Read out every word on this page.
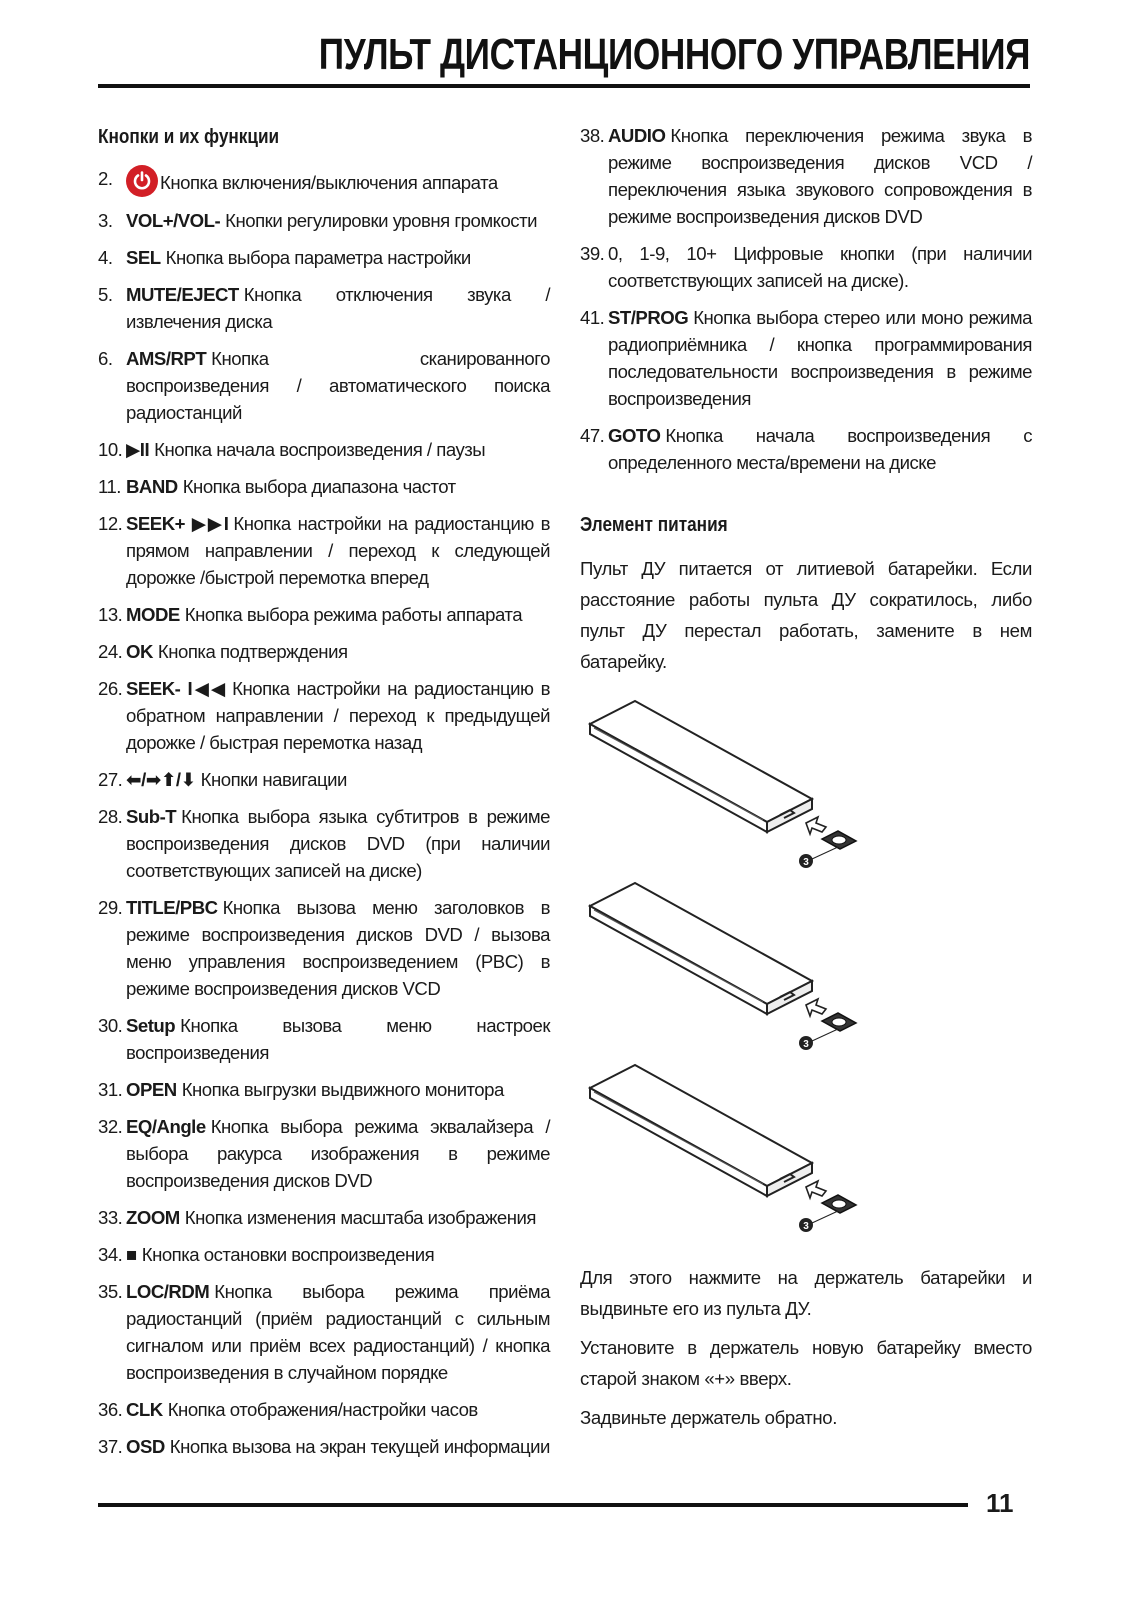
ПУЛЬТ ДИСТАНЦИОННОГО УПРАВЛЕНИЯ
Кнопки и их функции
2.	Кнопка включения/выключения аппарата
3. VOL+/VOL- Кнопки регулировки уровня громкости
4. SEL Кнопка выбора параметра настройки
5. MUTE/EJECT Кнопка отключения звука / извлечения диска
6. AMS/RPT Кнопка сканированного воспроизведения / автоматического поиска радиостанций
10. ▶II Кнопка начала воспроизведения / паузы
11. BAND Кнопка выбора диапазона частот
12. SEEK+ ▶▶I Кнопка настройки на радиостанцию в прямом направлении / переход к следующей дорожке /быстрой перемотка вперед
13. MODE Кнопка выбора режима работы аппарата
24. OK Кнопка подтверждения
26. SEEK- I◀◀ Кнопка настройки на радиостанцию в обратном направлении / переход к предыдущей дорожке / быстрая перемотка назад
27. ⬅/➡⬆/⬇ Кнопки навигации
28. Sub-T Кнопка выбора языка субтитров в режиме воспроизведения дисков DVD (при наличии соответствующих записей на диске)
29. TITLE/PBC Кнопка вызова меню заголовков в режиме воспроизведения дисков DVD / вызова меню управления воспроизведением (PBC) в режиме воспроизведения дисков VCD
30. Setup Кнопка вызова меню настроек воспроизведения
31. OPEN Кнопка выгрузки выдвижного монитора
32. EQ/Angle Кнопка выбора режима эквалайзера / выбора ракурса изображения в режиме воспроизведения дисков DVD
33. ZOOM Кнопка изменения масштаба изображения
34. ■ Кнопка остановки воспроизведения
35. LOC/RDM Кнопка выбора режима приёма радиостанций (приём радиостанций с сильным сигналом или приём всех радиостанций) / кнопка воспроизведения в случайном порядке
36. CLK Кнопка отображения/настройки часов
37. OSD Кнопка вызова на экран текущей информации
38. AUDIO Кнопка переключения режима звука в режиме воспроизведения дисков VCD / переключения языка звукового сопровождения в режиме воспроизведения дисков DVD
39. 0, 1-9, 10+ Цифровые кнопки (при наличии соответствующих записей на диске).
41. ST/PROG Кнопка выбора стерео или моно режима радиоприёмника / кнопка программирования последовательности воспроизведения в режиме воспроизведения
47. GOTO Кнопка начала воспроизведения с определенного места/времени на диске
Элемент питания

Пульт ДУ питается от литиевой батарейки. Если расстояние работы пульта ДУ сократилось, либо пульт ДУ перестал работать, замените в нем батарейку.

3
3
3

Для этого нажмите на держатель батарейки и выдвиньте его из пульта ДУ.

Установите в держатель новую батарейку вместо старой знаком «+» вверх.

Задвиньте держатель обратно.

11
